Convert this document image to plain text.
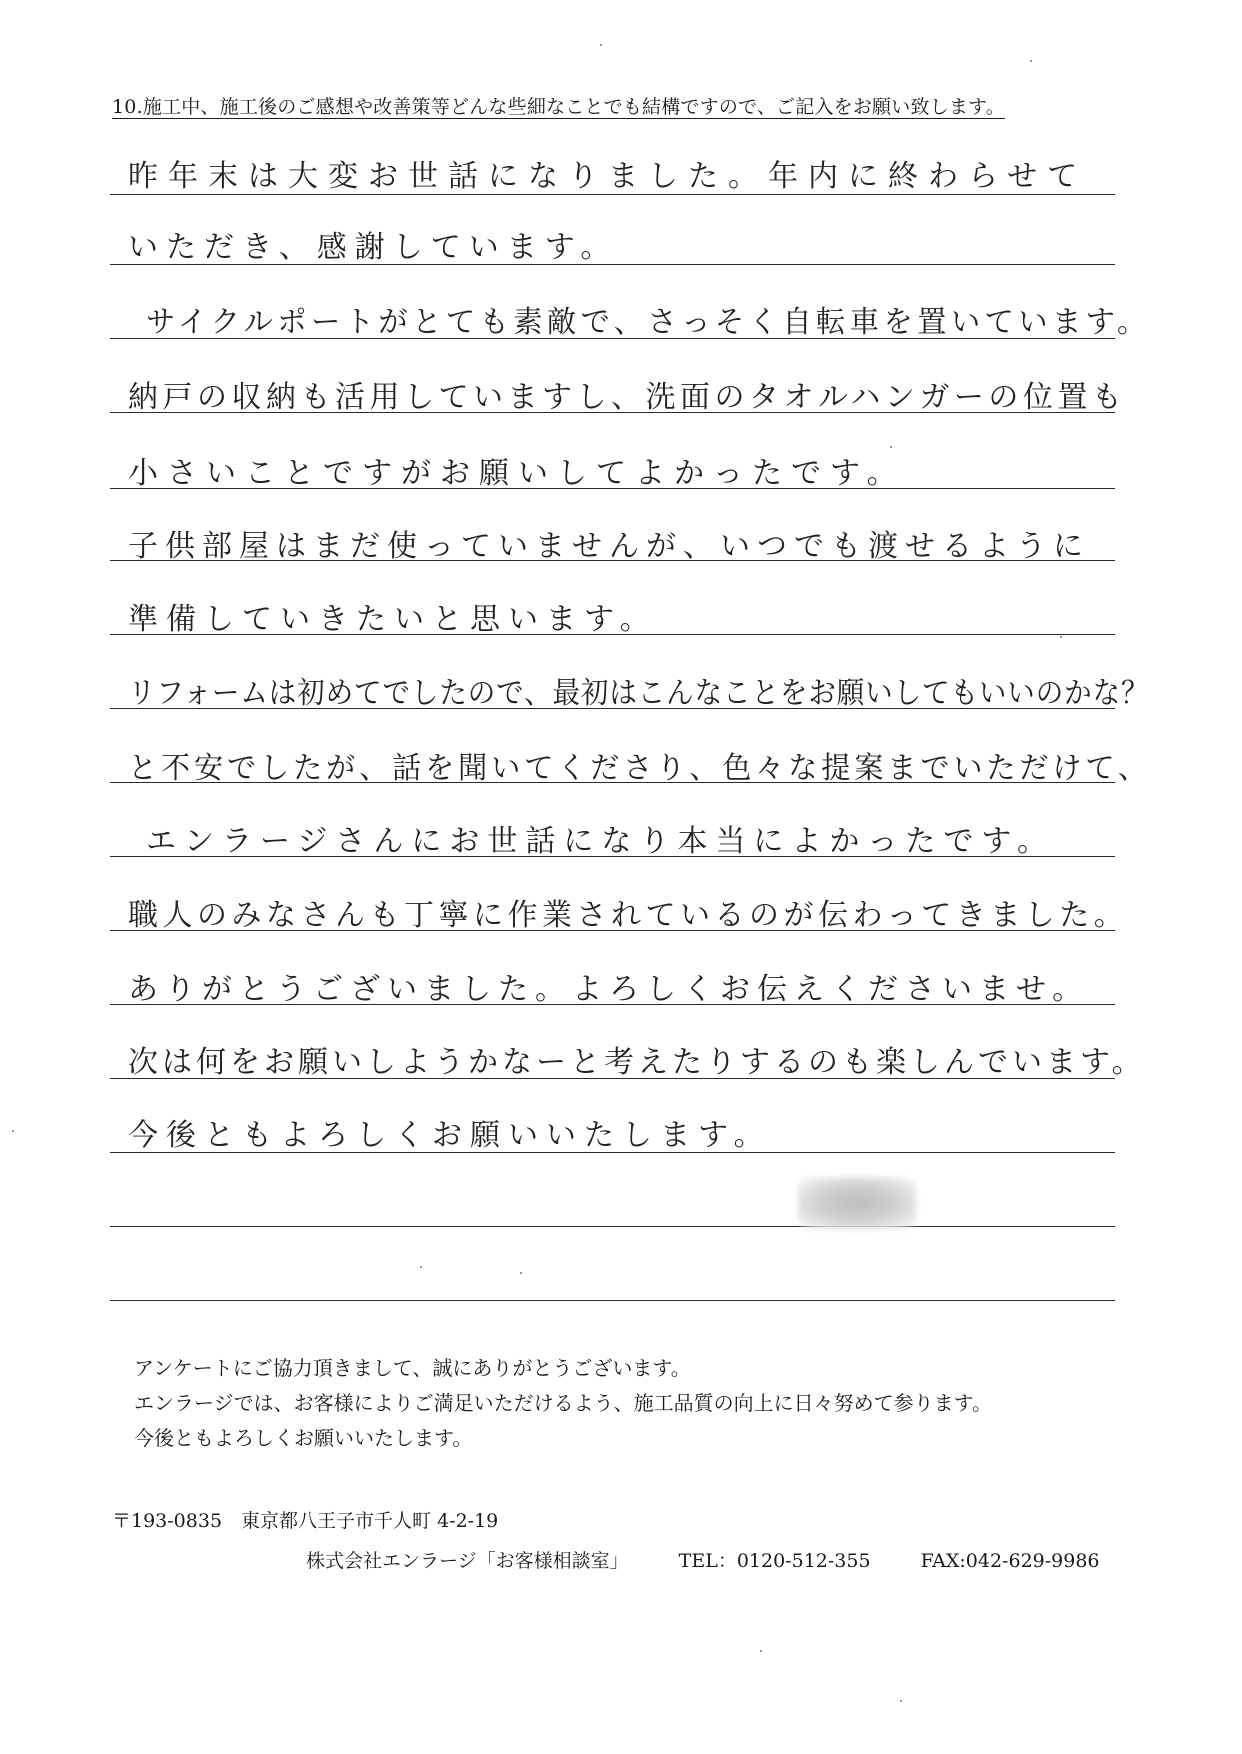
10.施工中、施工後のご感想や改善策等どんな些細なことでも結構ですので、ご記入をお願い致します。
昨年末は大変お世話になりました。年内に終わらせて
いただき、感謝しています。
サイクルポートがとても素敵で、さっそく自転車を置いています。
納戸の収納も活用していますし、洗面のタオルハンガーの位置も
小さいことですがお願いしてよかったです。
子供部屋はまだ使っていませんが、いつでも渡せるように
準備していきたいと思います。
リフォームは初めてでしたので、最初はこんなことをお願いしてもいいのかな？
と不安でしたが、話を聞いてくださり、色々な提案までいただけて、
エンラージさんにお世話になり本当によかったです。
職人のみなさんも丁寧に作業されているのが伝わってきました。
ありがとうございました。よろしくお伝えくださいませ。
次は何をお願いしようかなーと考えたりするのも楽しんでいます。
今後ともよろしくお願いいたします。
アンケートにご協力頂きまして、誠にありがとうございます。
エンラージでは、お客様によりご満足いただけるよう、施工品質の向上に日々努めて参ります。
今後ともよろしくお願いいたします。
〒193-0835　東京都八王子市千人町 4-2-19
株式会社エンラージ「お客様相談室」	TEL：0120-512-355	FAX:042-629-9986
